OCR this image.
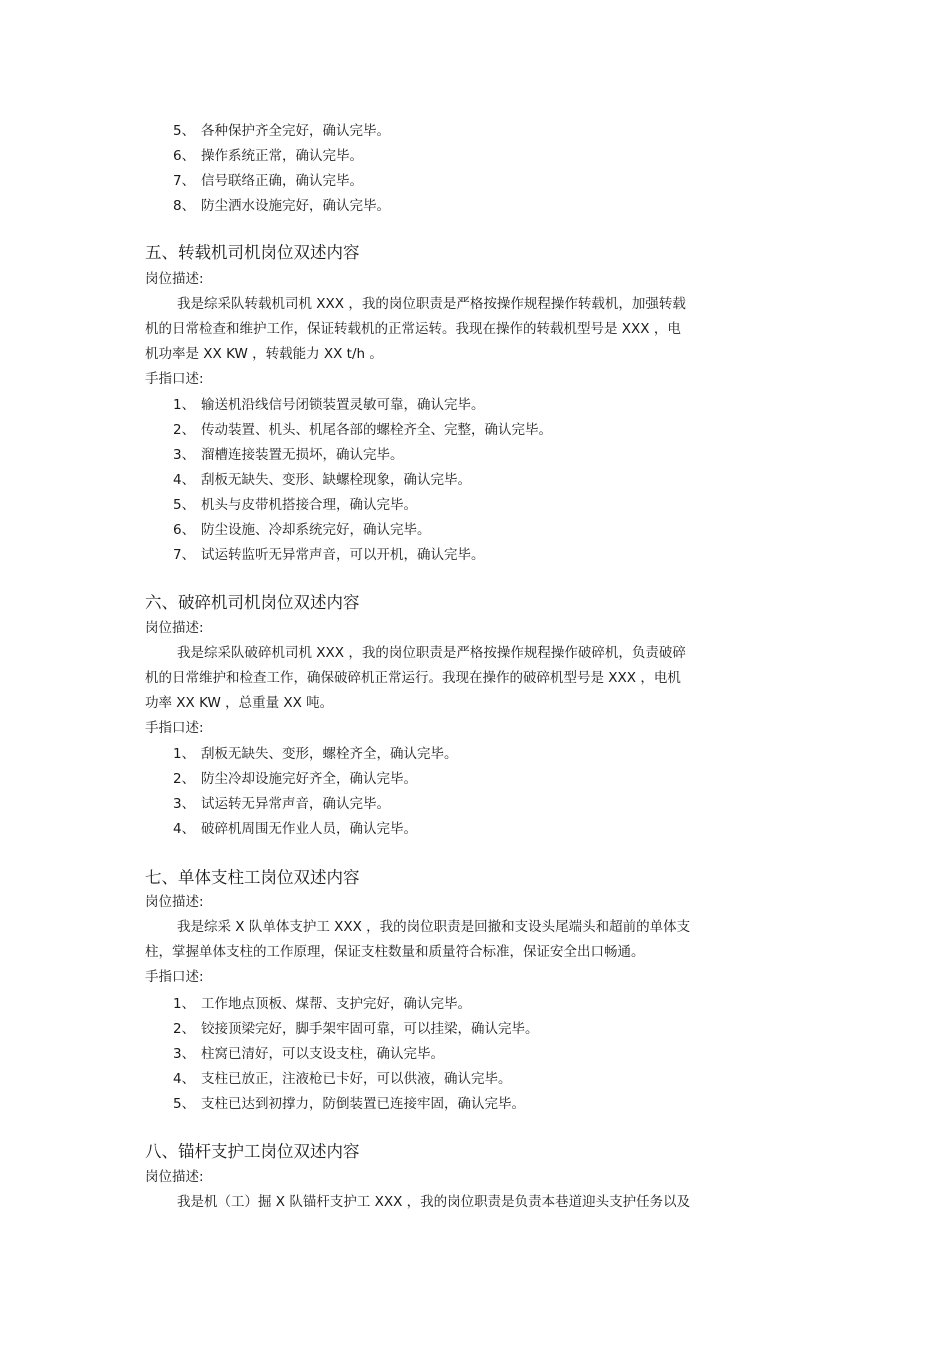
5、 各种保护齐全完好，确认完毕。
6、 操作系统正常，确认完毕。
7、 信号联络正确，确认完毕。
8、 防尘洒水设施完好，确认完毕。
五、转载机司机岗位双述内容
岗位描述:
我是综采队转载机司机 XXX ，我的岗位职责是严格按操作规程操作转载机，加强转载
机的日常检查和维护工作，保证转载机的正常运转。我现在操作的转载机型号是 XXX ，电
机功率是 XX KW ，转载能力 XX t/h 。
手指口述:
1、 输送机沿线信号闭锁装置灵敏可靠，确认完毕。
2、 传动装置、机头、机尾各部的螺栓齐全、完整，确认完毕。
3、 溜槽连接装置无损坏，确认完毕。
4、 刮板无缺失、变形、缺螺栓现象，确认完毕。
5、 机头与皮带机搭接合理，确认完毕。
6、 防尘设施、冷却系统完好，确认完毕。
7、 试运转监听无异常声音，可以开机，确认完毕。
六、破碎机司机岗位双述内容
岗位描述:
我是综采队破碎机司机 XXX ，我的岗位职责是严格按操作规程操作破碎机，负责破碎
机的日常维护和检查工作，确保破碎机正常运行。我现在操作的破碎机型号是 XXX ，电机
功率 XX KW ，总重量 XX 吨。
手指口述:
1、 刮板无缺失、变形，螺栓齐全，确认完毕。
2、 防尘冷却设施完好齐全，确认完毕。
3、 试运转无异常声音，确认完毕。
4、 破碎机周围无作业人员，确认完毕。
七、单体支柱工岗位双述内容
岗位描述:
我是综采 X 队单体支护工 XXX ，我的岗位职责是回撤和支设头尾端头和超前的单体支
柱，掌握单体支柱的工作原理，保证支柱数量和质量符合标准，保证安全出口畅通。
手指口述:
1、 工作地点顶板、煤帮、支护完好，确认完毕。
2、 铰接顶梁完好，脚手架牢固可靠，可以挂梁，确认完毕。
3、 柱窝已清好，可以支设支柱，确认完毕。
4、 支柱已放正，注液枪已卡好，可以供液，确认完毕。
5、 支柱已达到初撑力，防倒装置已连接牢固，确认完毕。
八、锚杆支护工岗位双述内容
岗位描述:
我是机（工）掘 X 队锚杆支护工 XXX ，我的岗位职责是负责本巷道迎头支护任务以及
